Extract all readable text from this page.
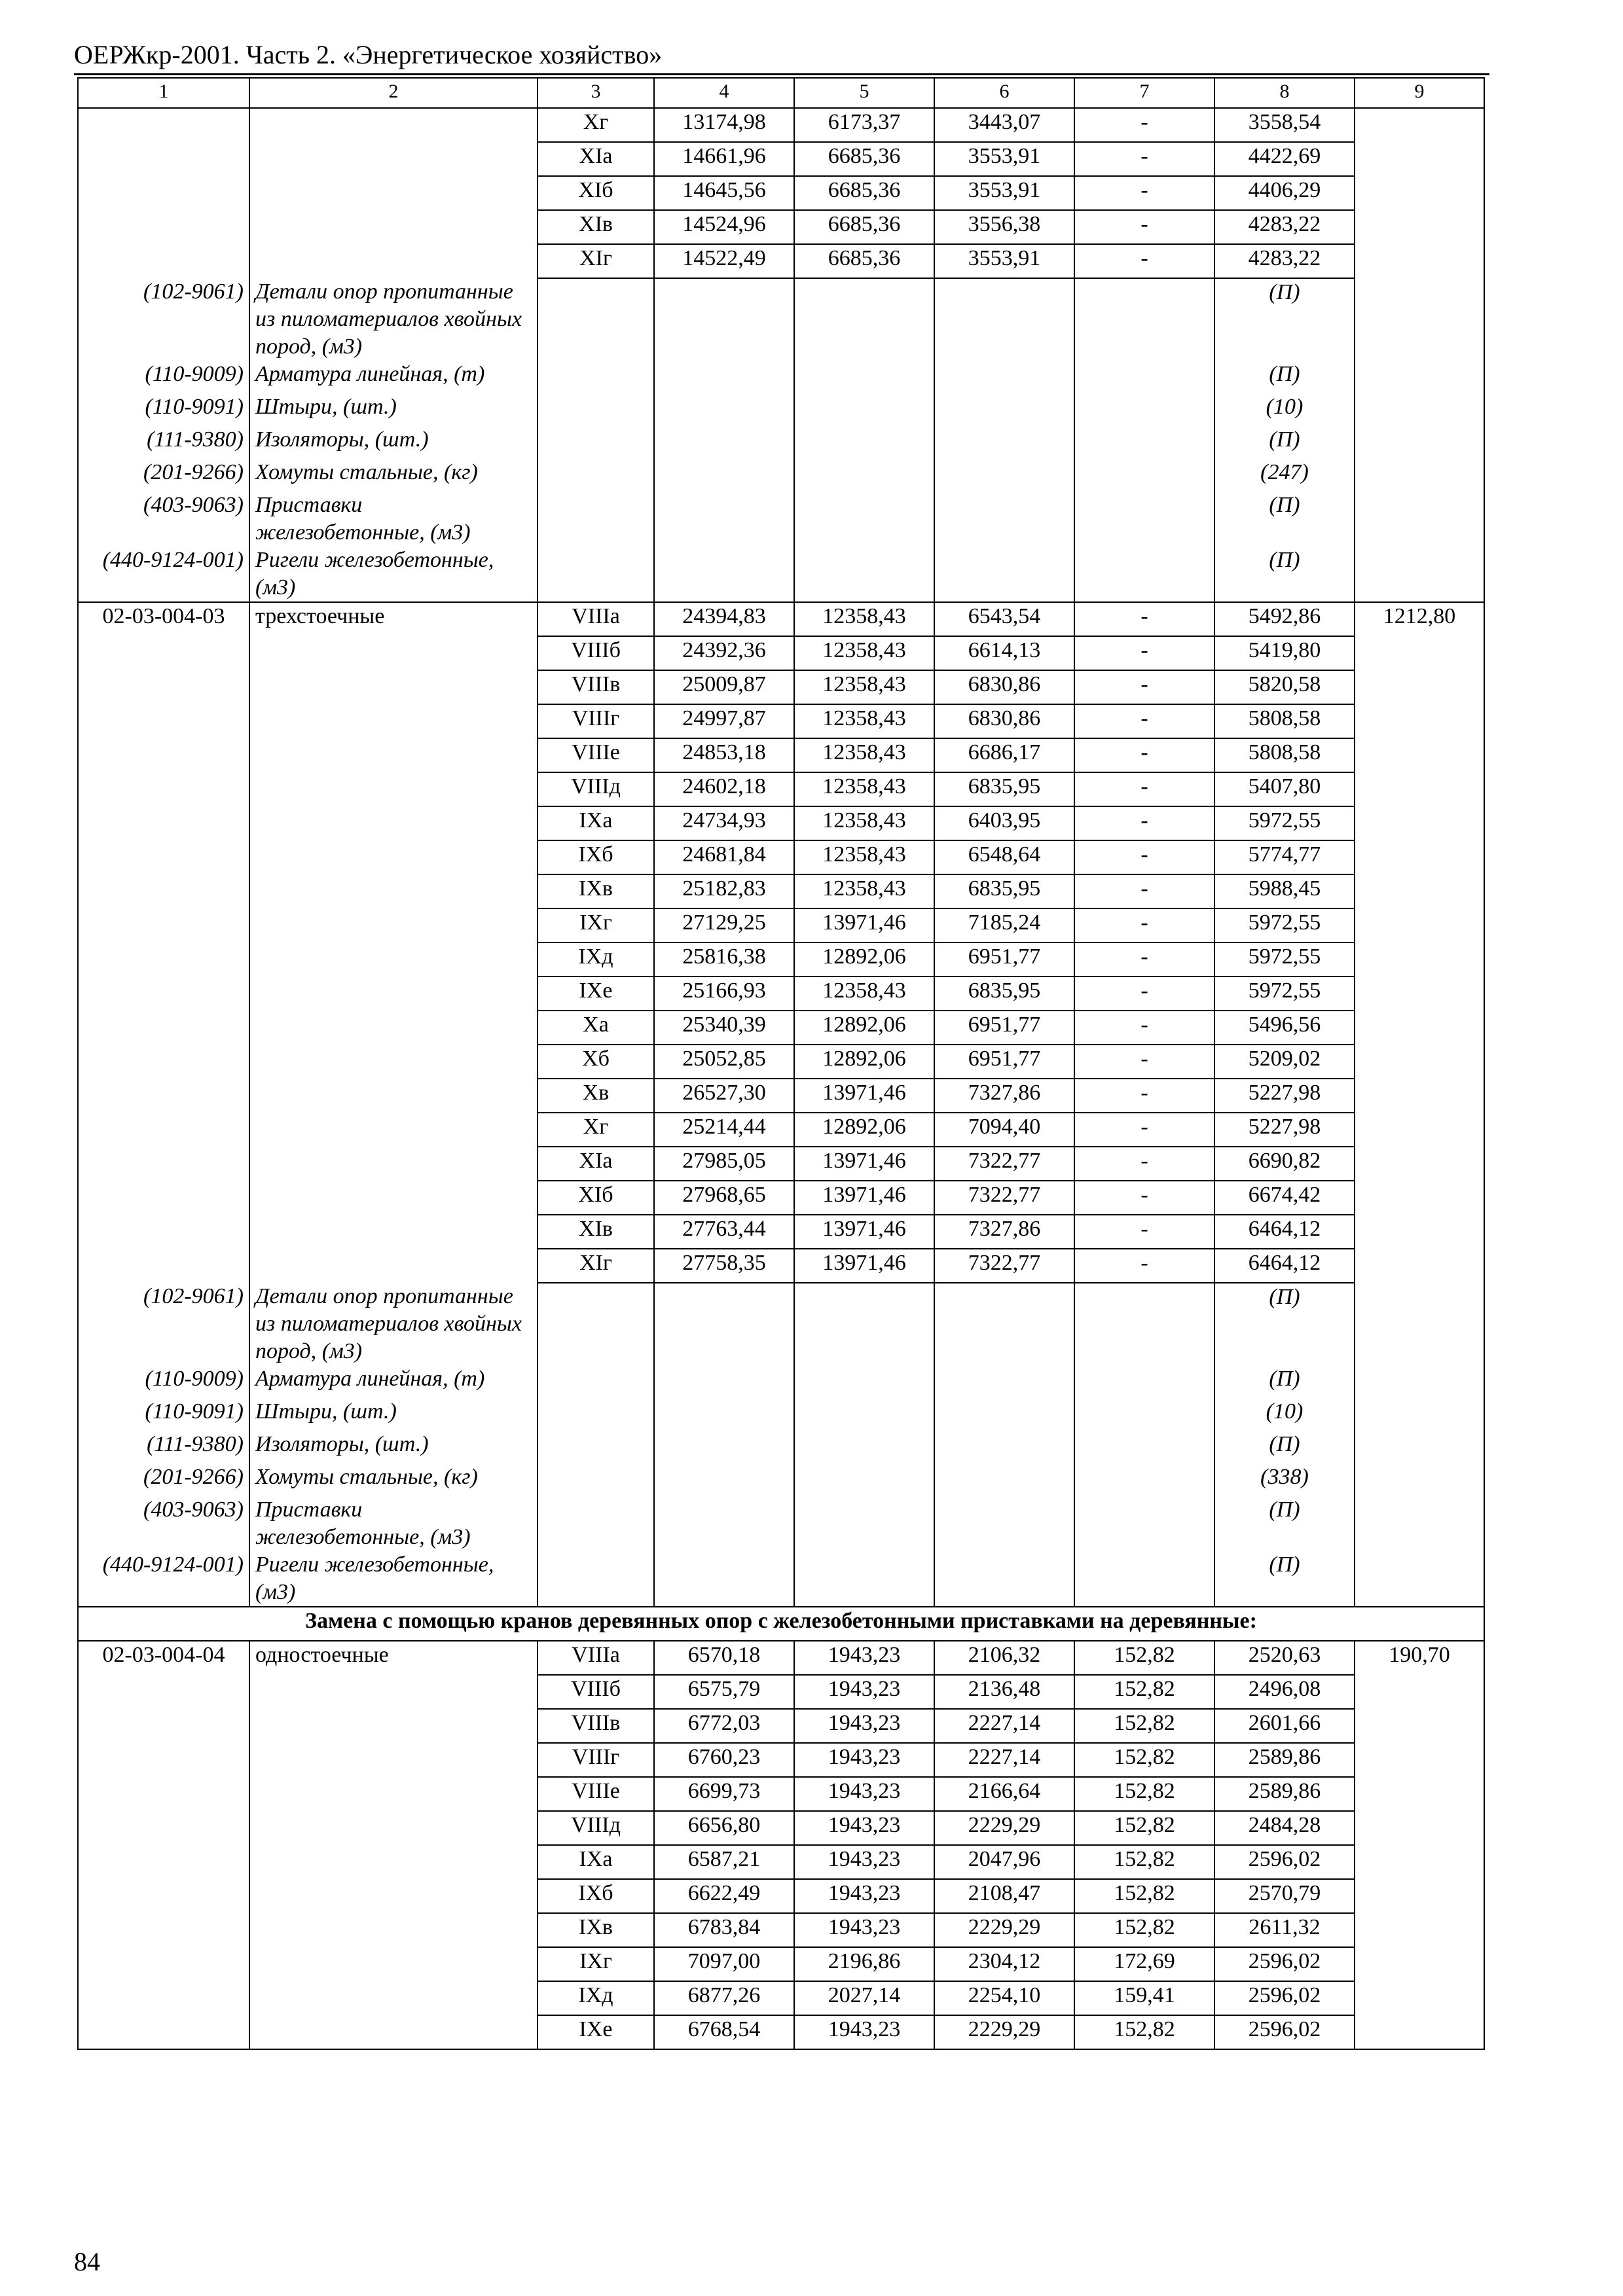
ОЕРЖкр-2001. Часть 2. «Энергетическое хозяйство»
1	2	3	4	5	6	7	8	9
		Хг	13174,98	6173,37	3443,07	-	3558,54	
		ХIа	14661,96	6685,36	3553,91	-	4422,69	
		ХIб	14645,56	6685,36	3553,91	-	4406,29	
		ХIв	14524,96	6685,36	3556,38	-	4283,22	
		ХIг	14522,49	6685,36	3553,91	-	4283,22	
(102-9061)	Детали опор пропитанные из пиломатериалов хвойных пород, (м3)						(П)	
(110-9009)	Арматура линейная, (т)						(П)	
(110-9091)	Штыри, (шт.)						(10)	
(111-9380)	Изоляторы, (шт.)						(П)	
(201-9266)	Хомуты стальные, (кг)						(247)	
(403-9063)	Приставки железобетонные, (м3)						(П)	
(440-9124-001)	Ригели железобетонные, (м3)						(П)	
02-03-004-03	трехстоечные	VIIIа	24394,83	12358,43	6543,54	-	5492,86	1212,80
		VIIIб	24392,36	12358,43	6614,13	-	5419,80	
		VIIIв	25009,87	12358,43	6830,86	-	5820,58	
		VIIIг	24997,87	12358,43	6830,86	-	5808,58	
		VIIIе	24853,18	12358,43	6686,17	-	5808,58	
		VIIIд	24602,18	12358,43	6835,95	-	5407,80	
		IХа	24734,93	12358,43	6403,95	-	5972,55	
		IХб	24681,84	12358,43	6548,64	-	5774,77	
		IХв	25182,83	12358,43	6835,95	-	5988,45	
		IХг	27129,25	13971,46	7185,24	-	5972,55	
		IХд	25816,38	12892,06	6951,77	-	5972,55	
		IХе	25166,93	12358,43	6835,95	-	5972,55	
		Ха	25340,39	12892,06	6951,77	-	5496,56	
		Хб	25052,85	12892,06	6951,77	-	5209,02	
		Хв	26527,30	13971,46	7327,86	-	5227,98	
		Хг	25214,44	12892,06	7094,40	-	5227,98	
		ХIа	27985,05	13971,46	7322,77	-	6690,82	
		ХIб	27968,65	13971,46	7322,77	-	6674,42	
		ХIв	27763,44	13971,46	7327,86	-	6464,12	
		ХIг	27758,35	13971,46	7322,77	-	6464,12	
(102-9061)	Детали опор пропитанные из пиломатериалов хвойных пород, (м3)						(П)	
(110-9009)	Арматура линейная, (т)						(П)	
(110-9091)	Штыри, (шт.)						(10)	
(111-9380)	Изоляторы, (шт.)						(П)	
(201-9266)	Хомуты стальные, (кг)						(338)	
(403-9063)	Приставки железобетонные, (м3)						(П)	
(440-9124-001)	Ригели железобетонные, (м3)						(П)	
Замена с помощью кранов деревянных опор с железобетонными приставками на деревянные:								
02-03-004-04	одностоечные	VIIIа	6570,18	1943,23	2106,32	152,82	2520,63	190,70
		VIIIб	6575,79	1943,23	2136,48	152,82	2496,08	
		VIIIв	6772,03	1943,23	2227,14	152,82	2601,66	
		VIIIг	6760,23	1943,23	2227,14	152,82	2589,86	
		VIIIе	6699,73	1943,23	2166,64	152,82	2589,86	
		VIIIд	6656,80	1943,23	2229,29	152,82	2484,28	
		IХа	6587,21	1943,23	2047,96	152,82	2596,02	
		IХб	6622,49	1943,23	2108,47	152,82	2570,79	
		IХв	6783,84	1943,23	2229,29	152,82	2611,32	
		IХг	7097,00	2196,86	2304,12	172,69	2596,02	
		IХд	6877,26	2027,14	2254,10	159,41	2596,02	
		IХе	6768,54	1943,23	2229,29	152,82	2596,02	
84
